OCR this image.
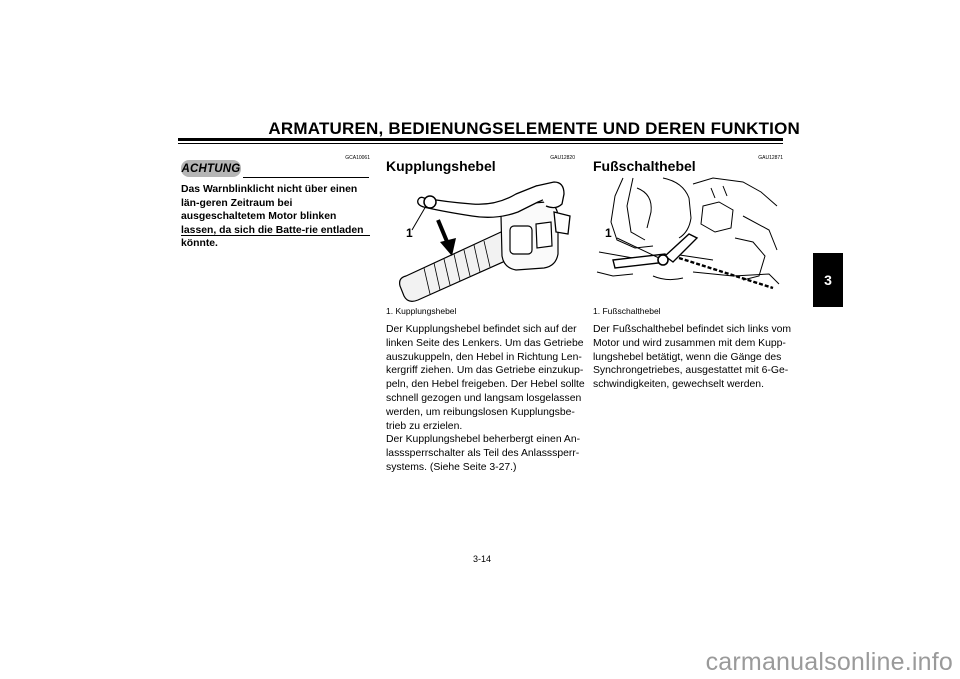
ARMATUREN, BEDIENUNGSELEMENTE UND DEREN FUNKTION
3
GCA10061
ACHTUNG
Das Warnblinklicht nicht über einen län-geren Zeitraum bei ausgeschaltetem Motor blinken lassen, da sich die Batte-rie entladen könnte.
GAU12820
Kupplungshebel
1
1. Kupplungshebel
Der Kupplungshebel befindet sich auf der linken Seite des Lenkers. Um das Getriebe auszukuppeln, den Hebel in Richtung Len-kergriff ziehen. Um das Getriebe einzukup-peln, den Hebel freigeben. Der Hebel sollte schnell gezogen und langsam losgelassen werden, um reibungslosen Kupplungsbe-trieb zu erzielen.
Der Kupplungshebel beherbergt einen An-lasssperrschalter als Teil des Anlasssperr-systems. (Siehe Seite 3-27.)
GAU12871
Fußschalthebel
1
1. Fußschalthebel
Der Fußschalthebel befindet sich links vom Motor und wird zusammen mit dem Kupp-lungshebel betätigt, wenn die Gänge des Synchrongetriebes, ausgestattet mit 6-Ge-schwindigkeiten, gewechselt werden.
3-14
carmanualsonline.info
